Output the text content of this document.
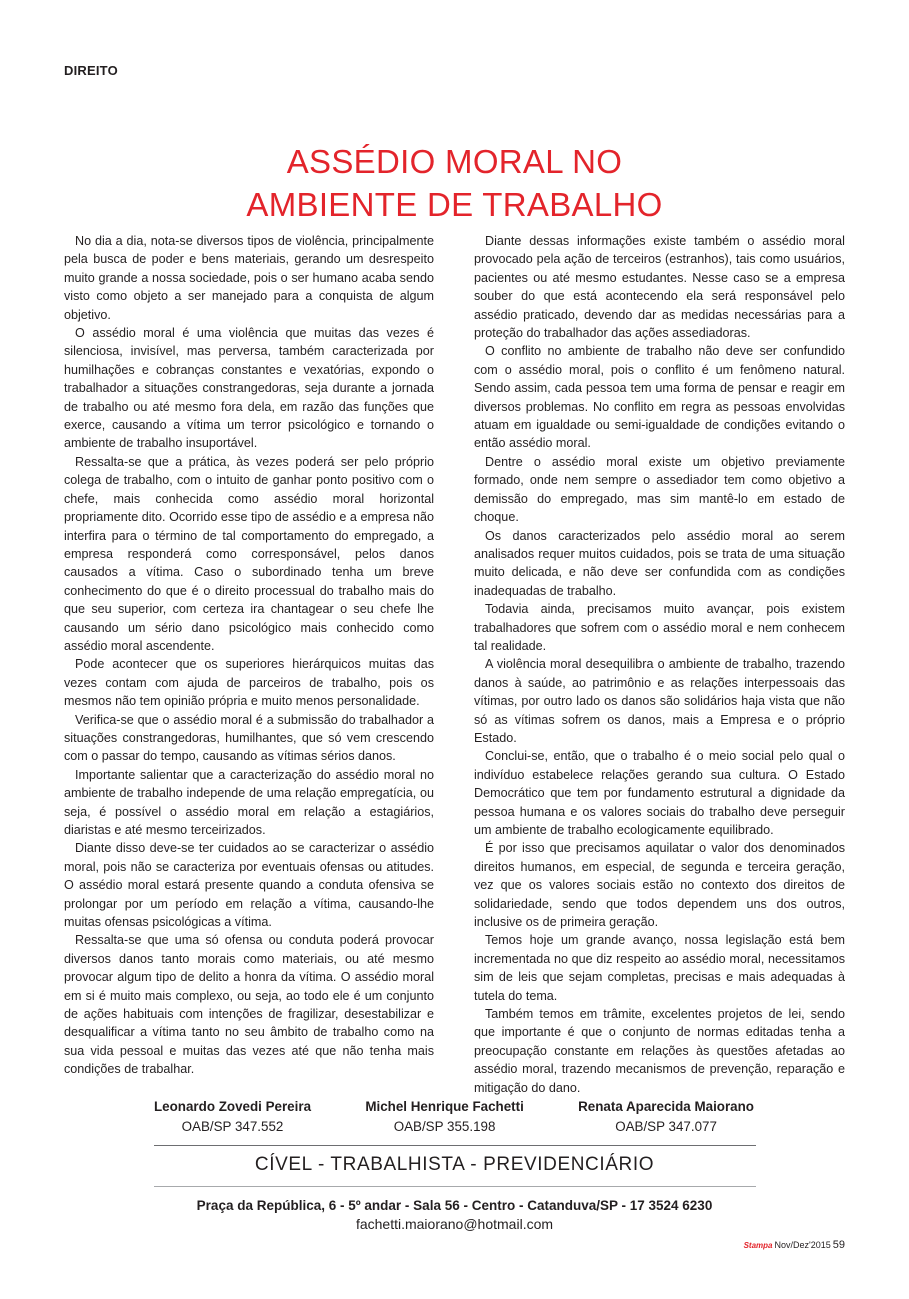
DIREITO
ASSÉDIO MORAL NO
AMBIENTE DE TRABALHO

No dia a dia, nota-se diversos tipos de violência, principalmente pela busca de poder e bens materiais, gerando um desrespeito muito grande a nossa sociedade, pois o ser humano acaba sendo visto como objeto a ser manejado para a conquista de algum objetivo.

O assédio moral é uma violência que muitas das vezes é silenciosa, invisível, mas perversa, também caracterizada por humilhações e cobranças constantes e vexatórias, expondo o trabalhador a situações constrangedoras, seja durante a jornada de trabalho ou até mesmo fora dela, em razão das funções que exerce, causando a vítima um terror psicológico e tornando o ambiente de trabalho insuportável.

Ressalta-se que a prática, às vezes poderá ser pelo próprio colega de trabalho, com o intuito de ganhar ponto positivo com o chefe, mais conhecida como assédio moral horizontal propriamente dito. Ocorrido esse tipo de assédio e a empresa não interfira para o término de tal comportamento do empregado, a empresa responderá como corresponsável, pelos danos causados a vítima. Caso o subordinado tenha um breve conhecimento do que é o direito processual do trabalho mais do que seu superior, com certeza ira chantagear o seu chefe lhe causando um sério dano psicológico mais conhecido como assédio moral ascendente.

Pode acontecer que os superiores hierárquicos muitas das vezes contam com ajuda de parceiros de trabalho, pois os mesmos não tem opinião própria e muito menos personalidade.

Verifica-se que o assédio moral é a submissão do trabalhador a situações constrangedoras, humilhantes, que só vem crescendo com o passar do tempo, causando as vítimas sérios danos.

Importante salientar que a caracterização do assédio moral no ambiente de trabalho independe de uma relação empregatícia, ou seja, é possível o assédio moral em relação a estagiários, diaristas e até mesmo terceirizados.

Diante disso deve-se ter cuidados ao se caracterizar o assédio moral, pois não se caracteriza por eventuais ofensas ou atitudes. O assédio moral estará presente quando a conduta ofensiva se prolongar por um período em relação a vítima, causando-lhe muitas ofensas psicológicas a vítima.

Ressalta-se que uma só ofensa ou conduta poderá provocar diversos danos tanto morais como materiais, ou até mesmo provocar algum tipo de delito a honra da vítima. O assédio moral em si é muito mais complexo, ou seja, ao todo ele é um conjunto de ações habituais com intenções de fragilizar, desestabilizar e desqualificar a vítima tanto no seu âmbito de trabalho como na sua vida pessoal e muitas das vezes até que não tenha mais condições de trabalhar.

Diante dessas informações existe também o assédio moral provocado pela ação de terceiros (estranhos), tais como usuários, pacientes ou até mesmo estudantes. Nesse caso se a empresa souber do que está acontecendo ela será responsável pelo assédio praticado, devendo dar as medidas necessárias para a proteção do trabalhador das ações assediadoras.

O conflito no ambiente de trabalho não deve ser confundido com o assédio moral, pois o conflito é um fenômeno natural. Sendo assim, cada pessoa tem uma forma de pensar e reagir em diversos problemas. No conflito em regra as pessoas envolvidas atuam em igualdade ou semi-igualdade de condições evitando o então assédio moral.

Dentre o assédio moral existe um objetivo previamente formado, onde nem sempre o assediador tem como objetivo a demissão do empregado, mas sim mantê-lo em estado de choque.

Os danos caracterizados pelo assédio moral ao serem analisados requer muitos cuidados, pois se trata de uma situação muito delicada, e não deve ser confundida com as condições inadequadas de trabalho.

Todavia ainda, precisamos muito avançar, pois existem trabalhadores que sofrem com o assédio moral e nem conhecem tal realidade.

A violência moral desequilibra o ambiente de trabalho, trazendo danos à saúde, ao patrimônio e as relações interpessoais das vítimas, por outro lado os danos são solidários haja vista que não só as vítimas sofrem os danos, mais a Empresa e o próprio Estado.

Conclui-se, então, que o trabalho é o meio social pelo qual o indivíduo estabelece relações gerando sua cultura. O Estado Democrático que tem por fundamento estrutural a dignidade da pessoa humana e os valores sociais do trabalho deve perseguir um ambiente de trabalho ecologicamente equilibrado.

É por isso que precisamos aquilatar o valor dos denominados direitos humanos, em especial, de segunda e terceira geração, vez que os valores sociais estão no contexto dos direitos de solidariedade, sendo que todos dependem uns dos outros, inclusive os de primeira geração.

Temos hoje um grande avanço, nossa legislação está bem incrementada no que diz respeito ao assédio moral, necessitamos sim de leis que sejam completas, precisas e mais adequadas à tutela do tema.

Também temos em trâmite, excelentes projetos de lei, sendo que importante é que o conjunto de normas editadas tenha a preocupação constante em relações às questões afetadas ao assédio moral, trazendo mecanismos de prevenção, reparação e mitigação do dano.

Leonardo Zovedi Pereira
OAB/SP 347.552
Michel Henrique Fachetti
OAB/SP 355.198
Renata Aparecida Maiorano
OAB/SP 347.077
CÍVEL - TRABALHISTA - PREVIDENCIÁRIO
Praça da República, 6 - 5º andar - Sala 56 - Centro - Catanduva/SP - 17 3524 6230
fachetti.maiorano@hotmail.com
Stampa Nov/Dez'2015 59
